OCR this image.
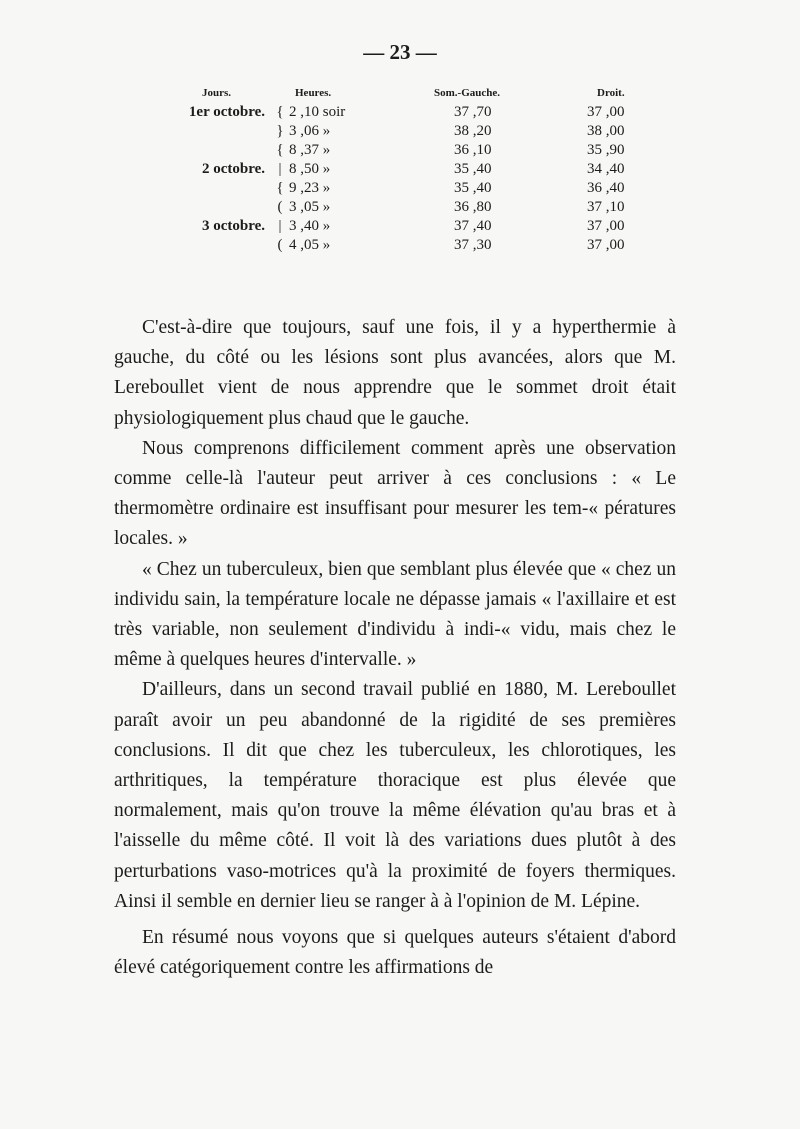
— 23 —
Jours.		Heures.	Som.-Gauche.	Droit.
1er octobre.	{	2 ,10 soir	37 ,70	37 ,00
	}	3 ,06 »	38 ,20	38 ,00
	{	8 ,37 »	36 ,10	35 ,90
2 octobre.	|	8 ,50 »	35 ,40	34 ,40
	{	9 ,23 »	35 ,40	36 ,40
	(	3 ,05 »	36 ,80	37 ,10
3 octobre.	|	3 ,40 »	37 ,40	37 ,00
	(	4 ,05 »	37 ,30	37 ,00

C'est-à-dire que toujours, sauf une fois, il y a hyperthermie à gauche, du côté ou les lésions sont plus avancées, alors que M. Lereboullet vient de nous apprendre que le sommet droit était physiologiquement plus chaud que le gauche.

Nous comprenons difficilement comment après une observation comme celle-là l'auteur peut arriver à ces conclusions : « Le thermomètre ordinaire est insuffisant pour mesurer les tem-« pératures locales. »

« Chez un tuberculeux, bien que semblant plus élevée que « chez un individu sain, la température locale ne dépasse jamais « l'axillaire et est très variable, non seulement d'individu à indi-« vidu, mais chez le même à quelques heures d'intervalle. »

D'ailleurs, dans un second travail publié en 1880, M. Lereboullet paraît avoir un peu abandonné de la rigidité de ses premières conclusions. Il dit que chez les tuberculeux, les chlorotiques, les arthritiques, la température thoracique est plus élevée que normalement, mais qu'on trouve la même élévation qu'au bras et à l'aisselle du même côté. Il voit là des variations dues plutôt à des perturbations vaso-motrices qu'à la proximité de foyers thermiques. Ainsi il semble en dernier lieu se ranger à à l'opinion de M. Lépine.

En résumé nous voyons que si quelques auteurs s'étaient d'abord élevé catégoriquement contre les affirmations de
